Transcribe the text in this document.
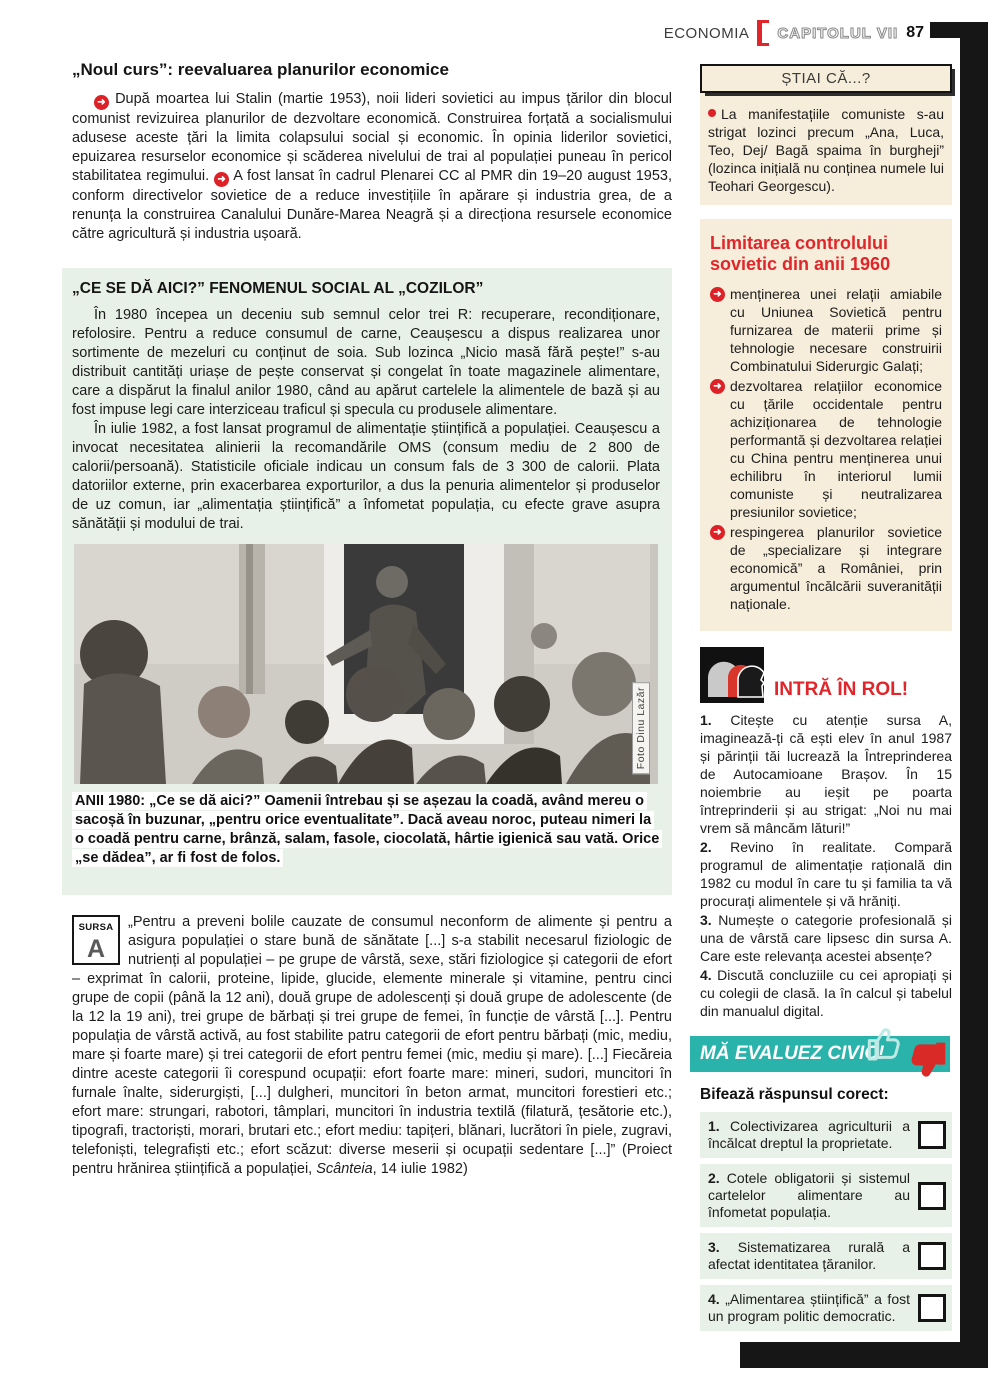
ECONOMIA CAPITOLUL VII 87
„Noul curs”: reevaluarea planurilor economice

➜ După moartea lui Stalin (martie 1953), noii lideri sovietici au impus țărilor din blocul comunist revizuirea planurilor de dezvoltare economică. Construirea forțată a socialismului adusese aceste țări la limita colapsului social și economic. În opinia liderilor sovietici, epuizarea resurselor economice și scăderea nivelului de trai al populației puneau în pericol stabilitatea regimului. ➜ A fost lansat în cadrul Plenarei CC al PMR din 19–20 august 1953, conform directivelor sovietice de a reduce investițiile în apărare și industria grea, de a renunța la construirea Canalului Dunăre-Marea Neagră și a direcționa resursele economice către agricultură și industria ușoară.

„CE SE DĂ AICI?” FENOMENUL SOCIAL AL „COZILOR”

În 1980 începea un deceniu sub semnul celor trei R: recuperare, recondiționare, refolosire. Pentru a reduce consumul de carne, Ceaușescu a dispus realizarea unor sortimente de mezeluri cu conținut de soia. Sub lozinca „Nicio masă fără pește!” s-au distribuit cantități uriașe de pește conservat și congelat în toate magazinele alimentare, care a dispărut la finalul anilor 1980, când au apărut cartelele la alimentele de bază și au fost impuse legi care interziceau traficul și specula cu produsele alimentare.

În iulie 1982, a fost lansat programul de alimentație științifică a populației. Ceaușescu a invocat necesitatea alinierii la recomandările OMS (consum mediu de 2 800 de calorii/persoană). Statisticile oficiale indicau un consum fals de 3 300 de calorii. Plata datoriilor externe, prin exacerbarea exporturilor, a dus la penuria alimentelor și produselor de uz comun, iar „alimentația științifică” a înfometat populația, cu efecte grave asupra sănătății și modului de trai.

Foto Dinu Lazăr

ANII 1980: „Ce se dă aici?” Oamenii întrebau și se așezau la coadă, având mereu o sacoșă în buzunar, „pentru orice eventualitate”. Dacă aveau noroc, puteau nimeri la o coadă pentru carne, brânză, salam, fasole, ciocolată, hârtie igienică sau vată. Orice „se dădea”, ar fi fost de folos.

SURSA
A
„Pentru a preveni bolile cauzate de consumul neconform de alimente și pentru a asigura populației o stare bună de sănătate [...] s-a stabilit necesarul fiziologic de nutrienți al populației – pe grupe de vârstă, sexe, stări fiziologice și categorii de efort – exprimat în calorii, proteine, lipide, glucide, elemente minerale și vitamine, pentru cinci grupe de copii (până la 12 ani), două grupe de adolescenți și două grupe de adolescente (de la 12 la 19 ani), trei grupe de bărbați și trei grupe de femei, în funcție de vârstă [...]. Pentru populația de vârstă activă, au fost stabilite patru categorii de efort pentru bărbați (mic, mediu, mare și foarte mare) și trei categorii de efort pentru femei (mic, mediu și mare). [...] Fiecăreia dintre aceste categorii îi corespund ocupații: efort foarte mare: mineri, sudori, muncitori în furnale înalte, siderurgiști, [...] dulgheri, muncitori în beton armat, muncitori forestieri etc.; efort mare: strungari, rabotori, tâmplari, muncitori în industria textilă (filatură, țesătorie etc.), tipografi, tractoriști, morari, brutari etc.; efort mediu: tapițeri, blănari, lucrători în piele, zugravi, telefoniști, telegrafiști etc.; efort scăzut: diverse meserii și ocupații sedentare [...]” (Proiect pentru hrănirea științifică a populației, Scânteia, 14 iulie 1982)
ȘTIAI CĂ...?
La manifestațiile comuniste s-au strigat lozinci precum „Ana, Luca, Teo, Dej/ Bagă spaima în burgheji” (lozinca inițială nu conținea numele lui Teohari Georgescu).
Limitarea controlului sovietic din anii 1960
➜
menținerea unei relații amiabile cu Uniunea Sovietică pentru furnizarea de materii prime și tehnologie necesare construirii Combinatului Siderurgic Galați;
➜
dezvoltarea relațiilor economice cu țările occidentale pentru achiziționarea de tehnologie performantă și dezvoltarea relației cu China pentru menținerea unui echilibru în interiorul lumii comuniste și neutralizarea presiunilor sovietice;
➜
respingerea planurilor sovietice de „specializare și integrare economică” a României, prin argumentul încălcării suveranității naționale.
INTRĂ ÎN ROL!
1. Citește cu atenție sursa A, imaginează-ți că ești elev în anul 1987 și părinții tăi lucrează la Întreprinderea de Autocamioane Brașov. În 15 noiembrie au ieșit pe poarta întreprinderii și au strigat: „Noi nu mai vrem să mâncăm lături!”
2. Revino în realitate. Compară programul de alimentație rațională din 1982 cu modul în care tu și familia ta vă procurați alimentele și vă hrăniți.
3. Numește o categorie profesională și una de vârstă care lipsesc din sursa A. Care este relevanța acestei absențe?
4. Discută concluziile cu cei apropiați și cu colegii de clasă. Ia în calcul și tabelul din manualul digital.
MĂ EVALUEZ CIVIC!
Bifează răspunsul corect:
1. Colectivizarea agriculturii a încălcat dreptul la proprietate.
2. Cotele obligatorii și sistemul cartelelor alimentare au înfometat populația.
3. Sistematizarea rurală a afectat identitatea țăranilor.
4. „Alimentarea științifică” a fost un program politic democratic.
